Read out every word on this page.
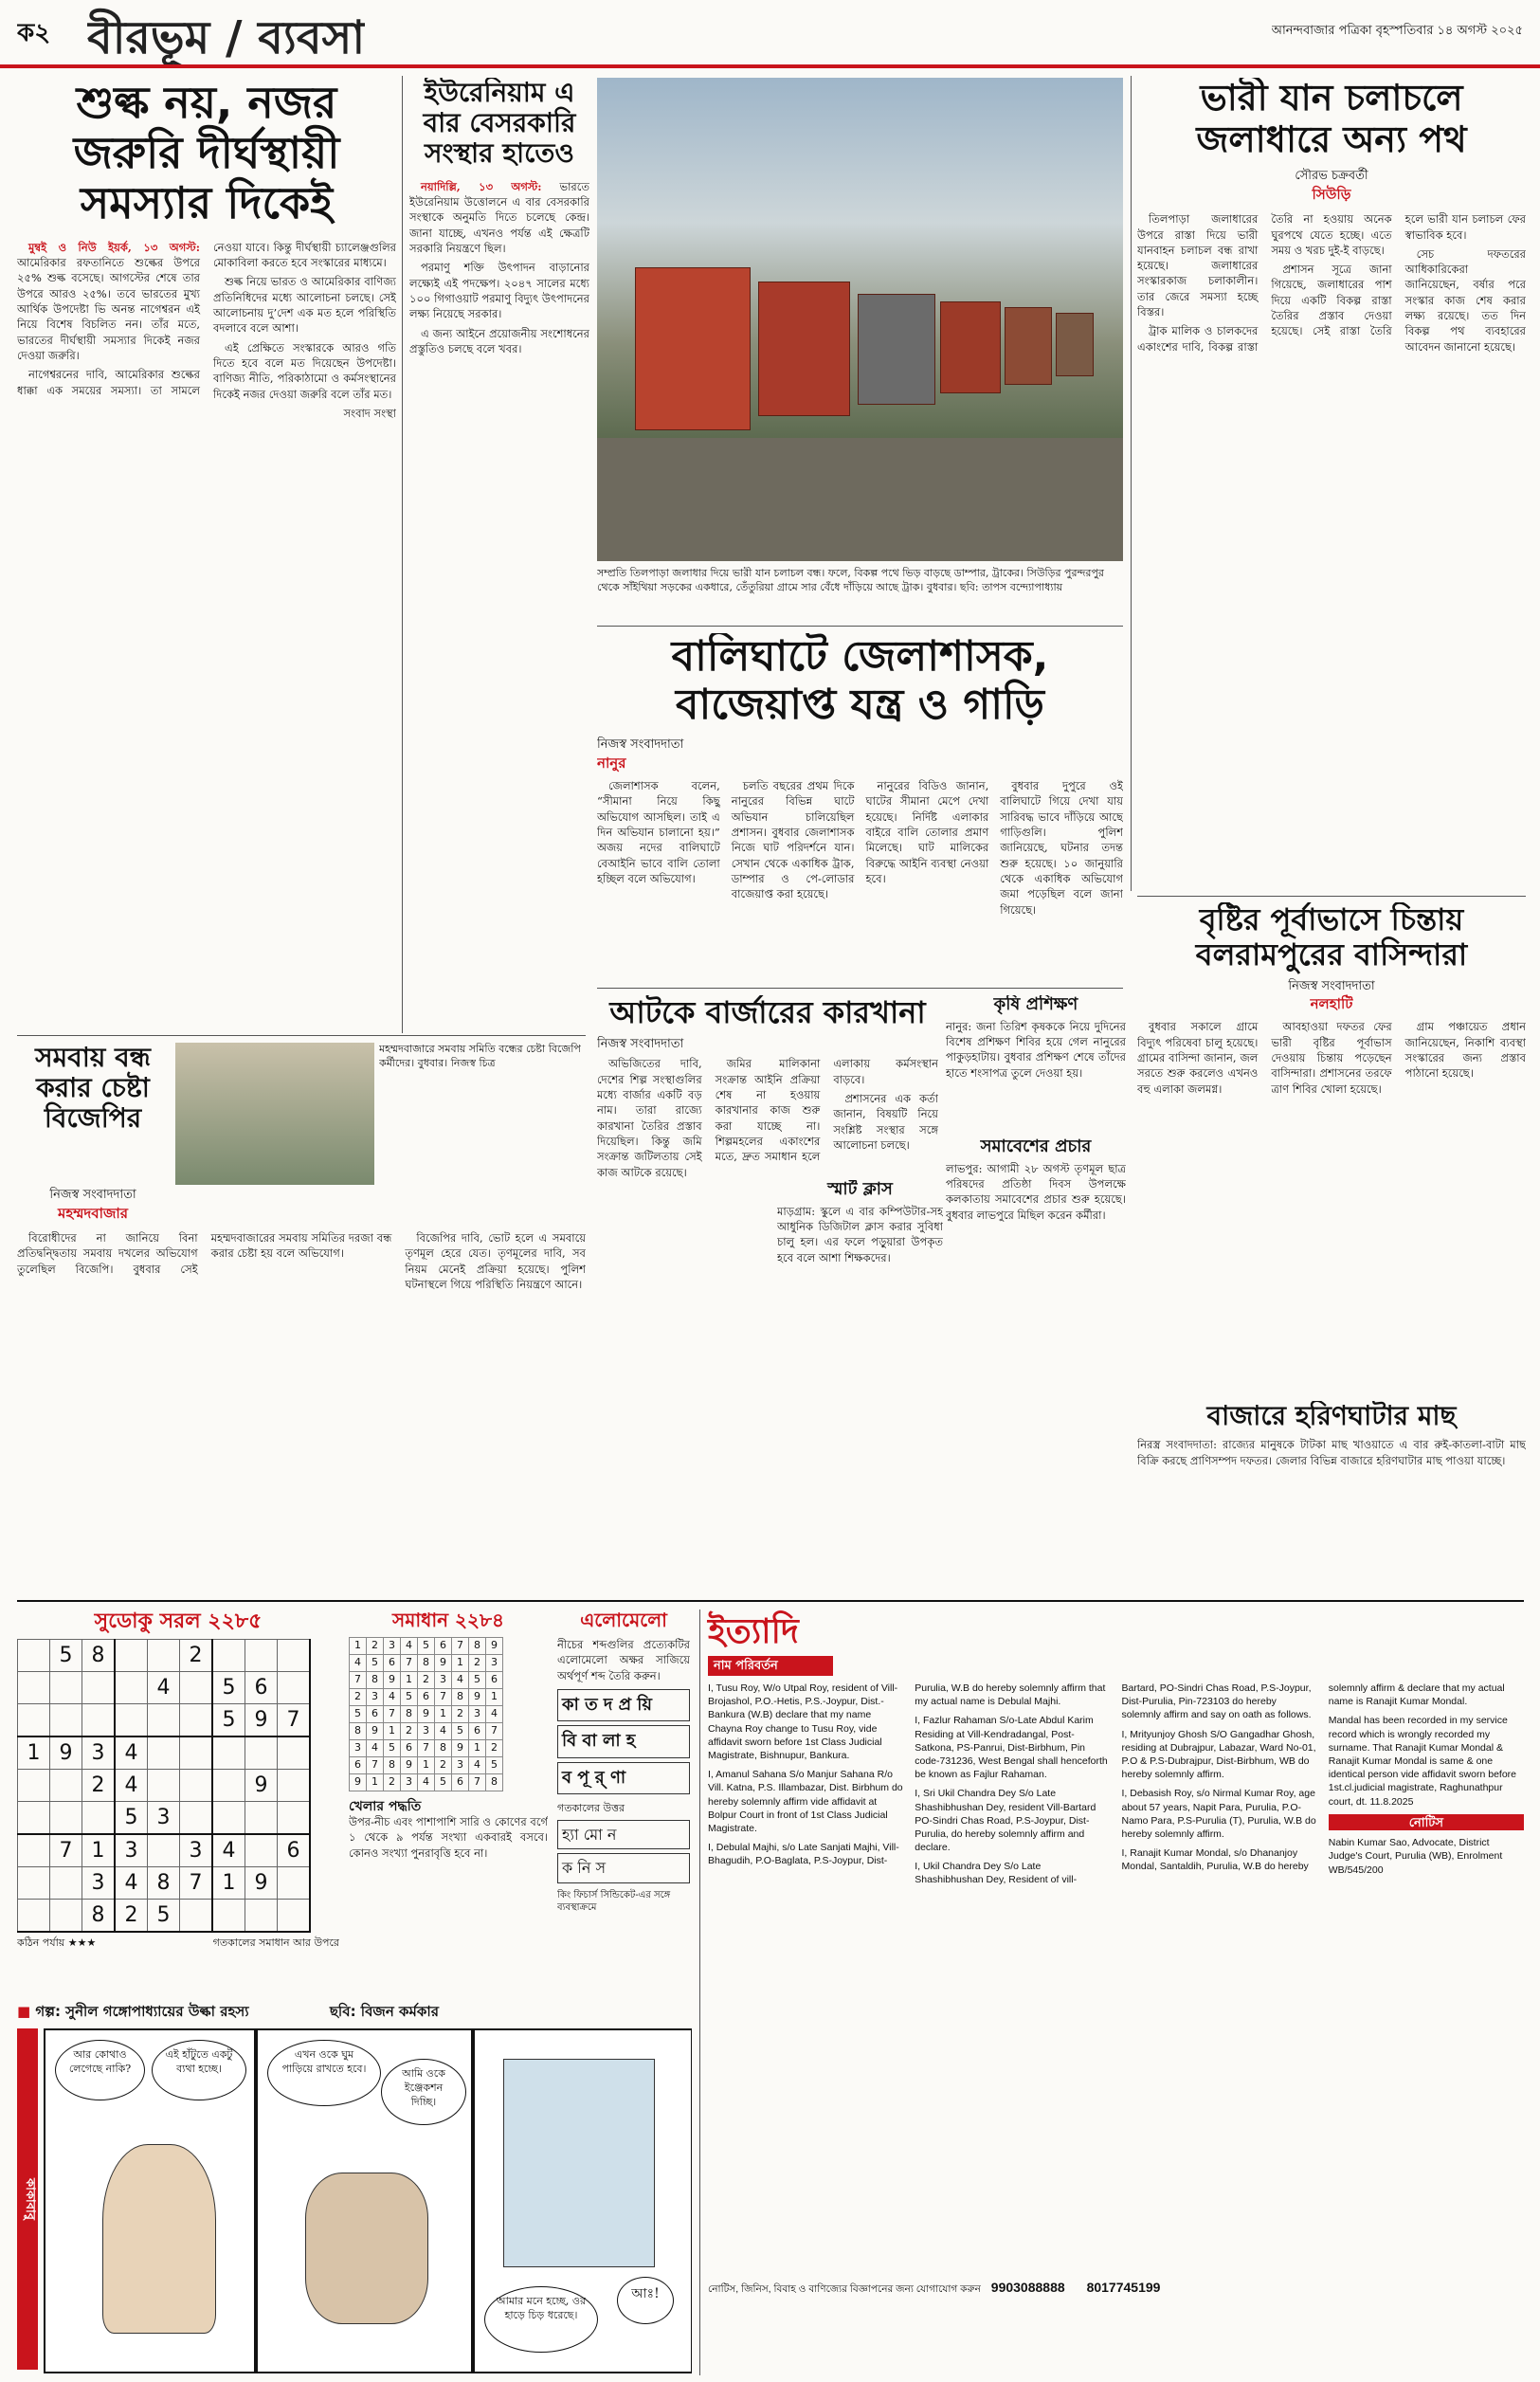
ক২ বীরভূম / ব্যবসা	আনন্দবাজার পত্রিকা বৃহস্পতিবার ১৪ অগস্ট ২০২৫
শুল্ক নয়, নজর জরুরি দীর্ঘস্থায়ী সমস্যার দিকেই

মুম্বই ও নিউ ইয়র্ক, ১৩ অগস্ট: আমেরিকার রফতানিতে শুল্কের উপরে ২৫% শুল্ক বসেছে। আগস্টের শেষে তার উপরে আরও ২৫%। তবে ভারতের মুখ্য আর্থিক উপদেষ্টা ভি অনন্ত নাগেশ্বরন এই নিয়ে বিশেষ বিচলিত নন। তাঁর মতে, ভারতের দীর্ঘস্থায়ী সমস্যার দিকেই নজর দেওয়া জরুরি।

নাগেশ্বরনের দাবি, আমেরিকার শুল্কের ধাক্কা এক সময়ের সমস্যা। তা সামলে নেওয়া যাবে। কিন্তু দীর্ঘস্থায়ী চ্যালেঞ্জগুলির মোকাবিলা করতে হবে সংস্কারের মাধ্যমে।

শুল্ক নিয়ে ভারত ও আমেরিকার বাণিজ্য প্রতিনিধিদের মধ্যে আলোচনা চলছে। সেই আলোচনায় দু’দেশ এক মত হলে পরিস্থিতি বদলাবে বলে আশা।

এই প্রেক্ষিতে সংস্কারকে আরও গতি দিতে হবে বলে মত দিয়েছেন উপদেষ্টা। বাণিজ্য নীতি, পরিকাঠামো ও কর্মসংস্থানের দিকেই নজর দেওয়া জরুরি বলে তাঁর মত।

সংবাদ সংস্থা

ইউরেনিয়াম এ বার বেসরকারি সংস্থার হাতেও

নয়াদিল্লি, ১৩ অগস্ট: ভারতে ইউরেনিয়াম উত্তোলনে এ বার বেসরকারি সংস্থাকে অনুমতি দিতে চলেছে কেন্দ্র। জানা যাচ্ছে, এখনও পর্যন্ত এই ক্ষেত্রটি সরকারি নিয়ন্ত্রণে ছিল।

পরমাণু শক্তি উৎপাদন বাড়ানোর লক্ষ্যেই এই পদক্ষেপ। ২০৪৭ সালের মধ্যে ১০০ গিগাওয়াট পরমাণু বিদ্যুৎ উৎপাদনের লক্ষ্য নিয়েছে সরকার।

এ জন্য আইনে প্রয়োজনীয় সংশোধনের প্রস্তুতিও চলছে বলে খবর।

সম্প্রতি তিলপাড়া জলাধার দিয়ে ভারী যান চলাচল বন্ধ। ফলে, বিকল্প পথে ভিড় বাড়ছে ডাম্পার, ট্রাকের। সিউড়ির পুরন্দরপুর থেকে সাঁইথিয়া সড়কের একধারে, তেঁতুরিয়া গ্রামে সার বেঁধে দাঁড়িয়ে আছে ট্রাক। বুধবার। ছবি: তাপস বন্দ্যোপাধ্যায়
ভারী যান চলাচলে জলাধারে অন্য পথ
সৌরভ চক্রবর্তী
সিউড়ি

তিলপাড়া জলাধারের উপরে রাস্তা দিয়ে ভারী যানবাহন চলাচল বন্ধ রাখা হয়েছে। জলাধারের সংস্কারকাজ চলাকালীন। তার জেরে সমস্যা হচ্ছে বিস্তর।

ট্রাক মালিক ও চালকদের একাংশের দাবি, বিকল্প রাস্তা তৈরি না হওয়ায় অনেক ঘুরপথে যেতে হচ্ছে। এতে সময় ও খরচ দুই-ই বাড়ছে।

প্রশাসন সূত্রে জানা গিয়েছে, জলাধারের পাশ দিয়ে একটি বিকল্প রাস্তা তৈরির প্রস্তাব দেওয়া হয়েছে। সেই রাস্তা তৈরি হলে ভারী যান চলাচল ফের স্বাভাবিক হবে।

সেচ দফতরের আধিকারিকেরা জানিয়েছেন, বর্ষার পরে সংস্কার কাজ শেষ করার লক্ষ্য রয়েছে। তত দিন বিকল্প পথ ব্যবহারের আবেদন জানানো হয়েছে।

বালিঘাটে জেলাশাসক, বাজেয়াপ্ত যন্ত্র ও গাড়ি
নিজস্ব সংবাদদাতা
নানুর

জেলাশাসক বলেন, “সীমানা নিয়ে কিছু অভিযোগ আসছিল। তাই এ দিন অভিযান চালানো হয়।” অজয় নদের বালিঘাটে বেআইনি ভাবে বালি তোলা হচ্ছিল বলে অভিযোগ।

চলতি বছরের প্রথম দিকে নানুরের বিভিন্ন ঘাটে অভিযান চালিয়েছিল প্রশাসন। বুধবার জেলাশাসক নিজে ঘাট পরিদর্শনে যান। সেখান থেকে একাধিক ট্রাক, ডাম্পার ও পে-লোডার বাজেয়াপ্ত করা হয়েছে।

নানুরের বিডিও জানান, ঘাটের সীমানা মেপে দেখা হয়েছে। নির্দিষ্ট এলাকার বাইরে বালি তোলার প্রমাণ মিলেছে। ঘাট মালিকের বিরুদ্ধে আইনি ব্যবস্থা নেওয়া হবে।

বুধবার দুপুরে ওই বালিঘাটে গিয়ে দেখা যায় সারিবদ্ধ ভাবে দাঁড়িয়ে আছে গাড়িগুলি। পুলিশ জানিয়েছে, ঘটনার তদন্ত শুরু হয়েছে। ১০ জানুয়ারি থেকে একাধিক অভিযোগ জমা পড়েছিল বলে জানা গিয়েছে।	বৃষ্টির পূর্বাভাসে চিন্তায় বলরামপুরের বাসিন্দারা
নিজস্ব সংবাদদাতা
নলহাটি

বুধবার সকালে গ্রামে বিদ্যুৎ পরিষেবা চালু হয়েছে। গ্রামের বাসিন্দা জানান, জল সরতে শুরু করলেও এখনও বহু এলাকা জলমগ্ন।

আবহাওয়া দফতর ফের ভারী বৃষ্টির পূর্বাভাস দেওয়ায় চিন্তায় পড়েছেন বাসিন্দারা। প্রশাসনের তরফে ত্রাণ শিবির খোলা হয়েছে।

গ্রাম পঞ্চায়েত প্রধান জানিয়েছেন, নিকাশি ব্যবস্থা সংস্কারের জন্য প্রস্তাব পাঠানো হয়েছে।

আটকে বার্জারের কারখানা
নিজস্ব সংবাদদাতা

অভিজিতের দাবি, দেশের শিল্প সংস্থাগুলির মধ্যে বার্জার একটি বড় নাম। তারা রাজ্যে কারখানা তৈরির প্রস্তাব দিয়েছিল। কিন্তু জমি সংক্রান্ত জটিলতায় সেই কাজ আটকে রয়েছে।

জমির মালিকানা সংক্রান্ত আইনি প্রক্রিয়া শেষ না হওয়ায় কারখানার কাজ শুরু করা যাচ্ছে না। শিল্পমহলের একাংশের মতে, দ্রুত সমাধান হলে এলাকায় কর্মসংস্থান বাড়বে।

প্রশাসনের এক কর্তা জানান, বিষয়টি নিয়ে সংশ্লিষ্ট সংস্থার সঙ্গে আলোচনা চলছে।

কৃষি প্রশিক্ষণ
নানুর: জনা তিরিশ কৃষককে নিয়ে দুদিনের বিশেষ প্রশিক্ষণ শিবির হয়ে গেল নানুরের পাকুড়হাটায়। বুধবার প্রশিক্ষণ শেষে তাঁদের হাতে শংসাপত্র তুলে দেওয়া হয়।
স্মার্ট ক্লাস
মাড়গ্রাম: স্কুলে এ বার কম্পিউটার-সহ আধুনিক ডিজিটাল ক্লাস করার সুবিধা চালু হল। এর ফলে পড়ুয়ারা উপকৃত হবে বলে আশা শিক্ষকদের।
সমাবেশের প্রচার
লাভপুর: আগামী ২৮ অগস্ট তৃণমূল ছাত্র পরিষদের প্রতিষ্ঠা দিবস উপলক্ষে কলকাতায় সমাবেশের প্রচার শুরু হয়েছে। বুধবার লাভপুরে মিছিল করেন কর্মীরা।
সমবায় বন্ধ করার চেষ্টা বিজেপির
নিজস্ব সংবাদদাতা
মহম্মদবাজার

বিরোধীদের না জানিয়ে বিনা প্রতিদ্বন্দ্বিতায় সমবায় দখলের অভিযোগ তুলেছিল বিজেপি। বুধবার সেই মহম্মদবাজারের সমবায় সমিতির দরজা বন্ধ করার চেষ্টা হয় বলে অভিযোগ।

বিজেপির দাবি, ভোট হলে এ সমবায়ে তৃণমূল হেরে যেত। তৃণমূলের দাবি, সব নিয়ম মেনেই প্রক্রিয়া হয়েছে। পুলিশ ঘটনাস্থলে গিয়ে পরিস্থিতি নিয়ন্ত্রণে আনে।

মহম্মদবাজারে সমবায় সমিতি বন্ধের চেষ্টা বিজেপি কর্মীদের। বুধবার। নিজস্ব চিত্র
বাজারে হরিণঘাটার মাছ
নিরস্ত্র সংবাদদাতা: রাজ্যের মানুষকে টাটকা মাছ খাওয়াতে এ বার রুই-কাতলা-বাটা মাছ বিক্রি করছে প্রাণিসম্পদ দফতর। জেলার বিভিন্ন বাজারে হরিণঘাটার মাছ পাওয়া যাচ্ছে।
সুডোকু সরল ২২৮৫
	5	8			2			
				4		5	6	
						5	9	7
1	9	3	4					
		2	4				9	
			5	3				
	7	1	3		3	4		6
		3	4	8	7	1	9	
		8	2	5				
কঠিন পর্যায় ★★★	গতকালের সমাধান আর উপরে
সমাধান ২২৮৪
1	2	3	4	5	6	7	8	9
4	5	6	7	8	9	1	2	3
7	8	9	1	2	3	4	5	6
2	3	4	5	6	7	8	9	1
5	6	7	8	9	1	2	3	4
8	9	1	2	3	4	5	6	7
3	4	5	6	7	8	9	1	2
6	7	8	9	1	2	3	4	5
9	1	2	3	4	5	6	7	8
খেলার পদ্ধতি
উপর-নীচ এবং পাশাপাশি সারি ও কোণের বর্গে ১ থেকে ৯ পর্যন্ত সংখ্যা একবারই বসবে। কোনও সংখ্যা পুনরাবৃত্তি হবে না।
এলোমেলো
নীচের শব্দগুলির প্রত্যেকটির এলোমেলো অক্ষর সাজিয়ে অর্থপূর্ণ শব্দ তৈরি করুন।
কা ত দ প্র য়ি
বি বা লা হ
ব পূ র্ ণা
গতকালের উত্তর
হ্যা মো ন
ক নি স
কিং ফিচার্স সিন্ডিকেট-এর সঙ্গে ব্যবস্থাক্রমে
ইত্যাদি
নাম পরিবর্তন

I, Tusu Roy, W/o Utpal Roy, resident of Vill-Brojashol, P.O.-Hetis, P.S.-Joypur, Dist.-Bankura (W.B) declare that my name Chayna Roy change to Tusu Roy, vide affidavit sworn before 1st Class Judicial Magistrate, Bishnupur, Bankura.

I, Amanul Sahana S/o Manjur Sahana R/o Vill. Katna, P.S. Illambazar, Dist. Birbhum do hereby solemnly affirm vide affidavit at Bolpur Court in front of 1st Class Judicial Magistrate.

I, Debulal Majhi, s/o Late Sanjati Majhi, Vill-Bhagudih, P.O-Baglata, P.S-Joypur, Dist-Purulia, W.B do hereby solemnly affirm that my actual name is Debulal Majhi.

I, Fazlur Rahaman S/o-Late Abdul Karim Residing at Vill-Kendradangal, Post-Satkona, PS-Panrui, Dist-Birbhum, Pin code-731236, West Bengal shall henceforth be known as Fajlur Rahaman.

I, Sri Ukil Chandra Dey S/o Late Shashibhushan Dey, resident Vill-Bartard PO-Sindri Chas Road, P.S-Joypur, Dist-Purulia, do hereby solemnly affirm and declare.

I, Ukil Chandra Dey S/o Late Shashibhushan Dey, Resident of vill-Bartard, PO-Sindri Chas Road, P.S-Joypur, Dist-Purulia, Pin-723103 do hereby solemnly affirm and say on oath as follows.

I, Mrityunjoy Ghosh S/O Gangadhar Ghosh, residing at Dubrajpur, Labazar, Ward No-01, P.O & P.S-Dubrajpur, Dist-Birbhum, WB do hereby solemnly affirm.

I, Debasish Roy, s/o Nirmal Kumar Roy, age about 57 years, Napit Para, Purulia, P.O-Namo Para, P.S-Purulia (T), Purulia, W.B do hereby solemnly affirm.

I, Ranajit Kumar Mondal, s/o Dhananjoy Mondal, Santaldih, Purulia, W.B do hereby solemnly affirm & declare that my actual name is Ranajit Kumar Mondal.

Mandal has been recorded in my service record which is wrongly recorded my surname. That Ranajit Kumar Mondal & Ranajit Kumar Mondal is same & one identical person vide affidavit sworn before 1st.cl.judicial magistrate, Raghunathpur court, dt. 11.8.2025

নোটিস

Nabin Kumar Sao, Advocate, District Judge's Court, Purulia (WB), Enrolment WB/545/200

নোটিস, জিনিস, বিবাহ ও বাণিজ্যের বিজ্ঞাপনের জন্য যোগাযোগ করুন 9903088888 8017745199
■ গল্প: সুনীল গঙ্গোপাধ্যায়ের উল্কা রহস্য	ছবি: বিজন কর্মকার
কাকাবাবু
আর কোথাও লেগেছে নাকি?
এই হাঁটুতে একটু ব্যথা হচ্ছে।
এখন ওকে ঘুম পাড়িয়ে রাখতে হবে।	আমি ওকে ইঞ্জেকশন দিচ্ছি।
আমার মনে হচ্ছে, ওর হাড়ে চিড় ধরেছে।
আঃ!
